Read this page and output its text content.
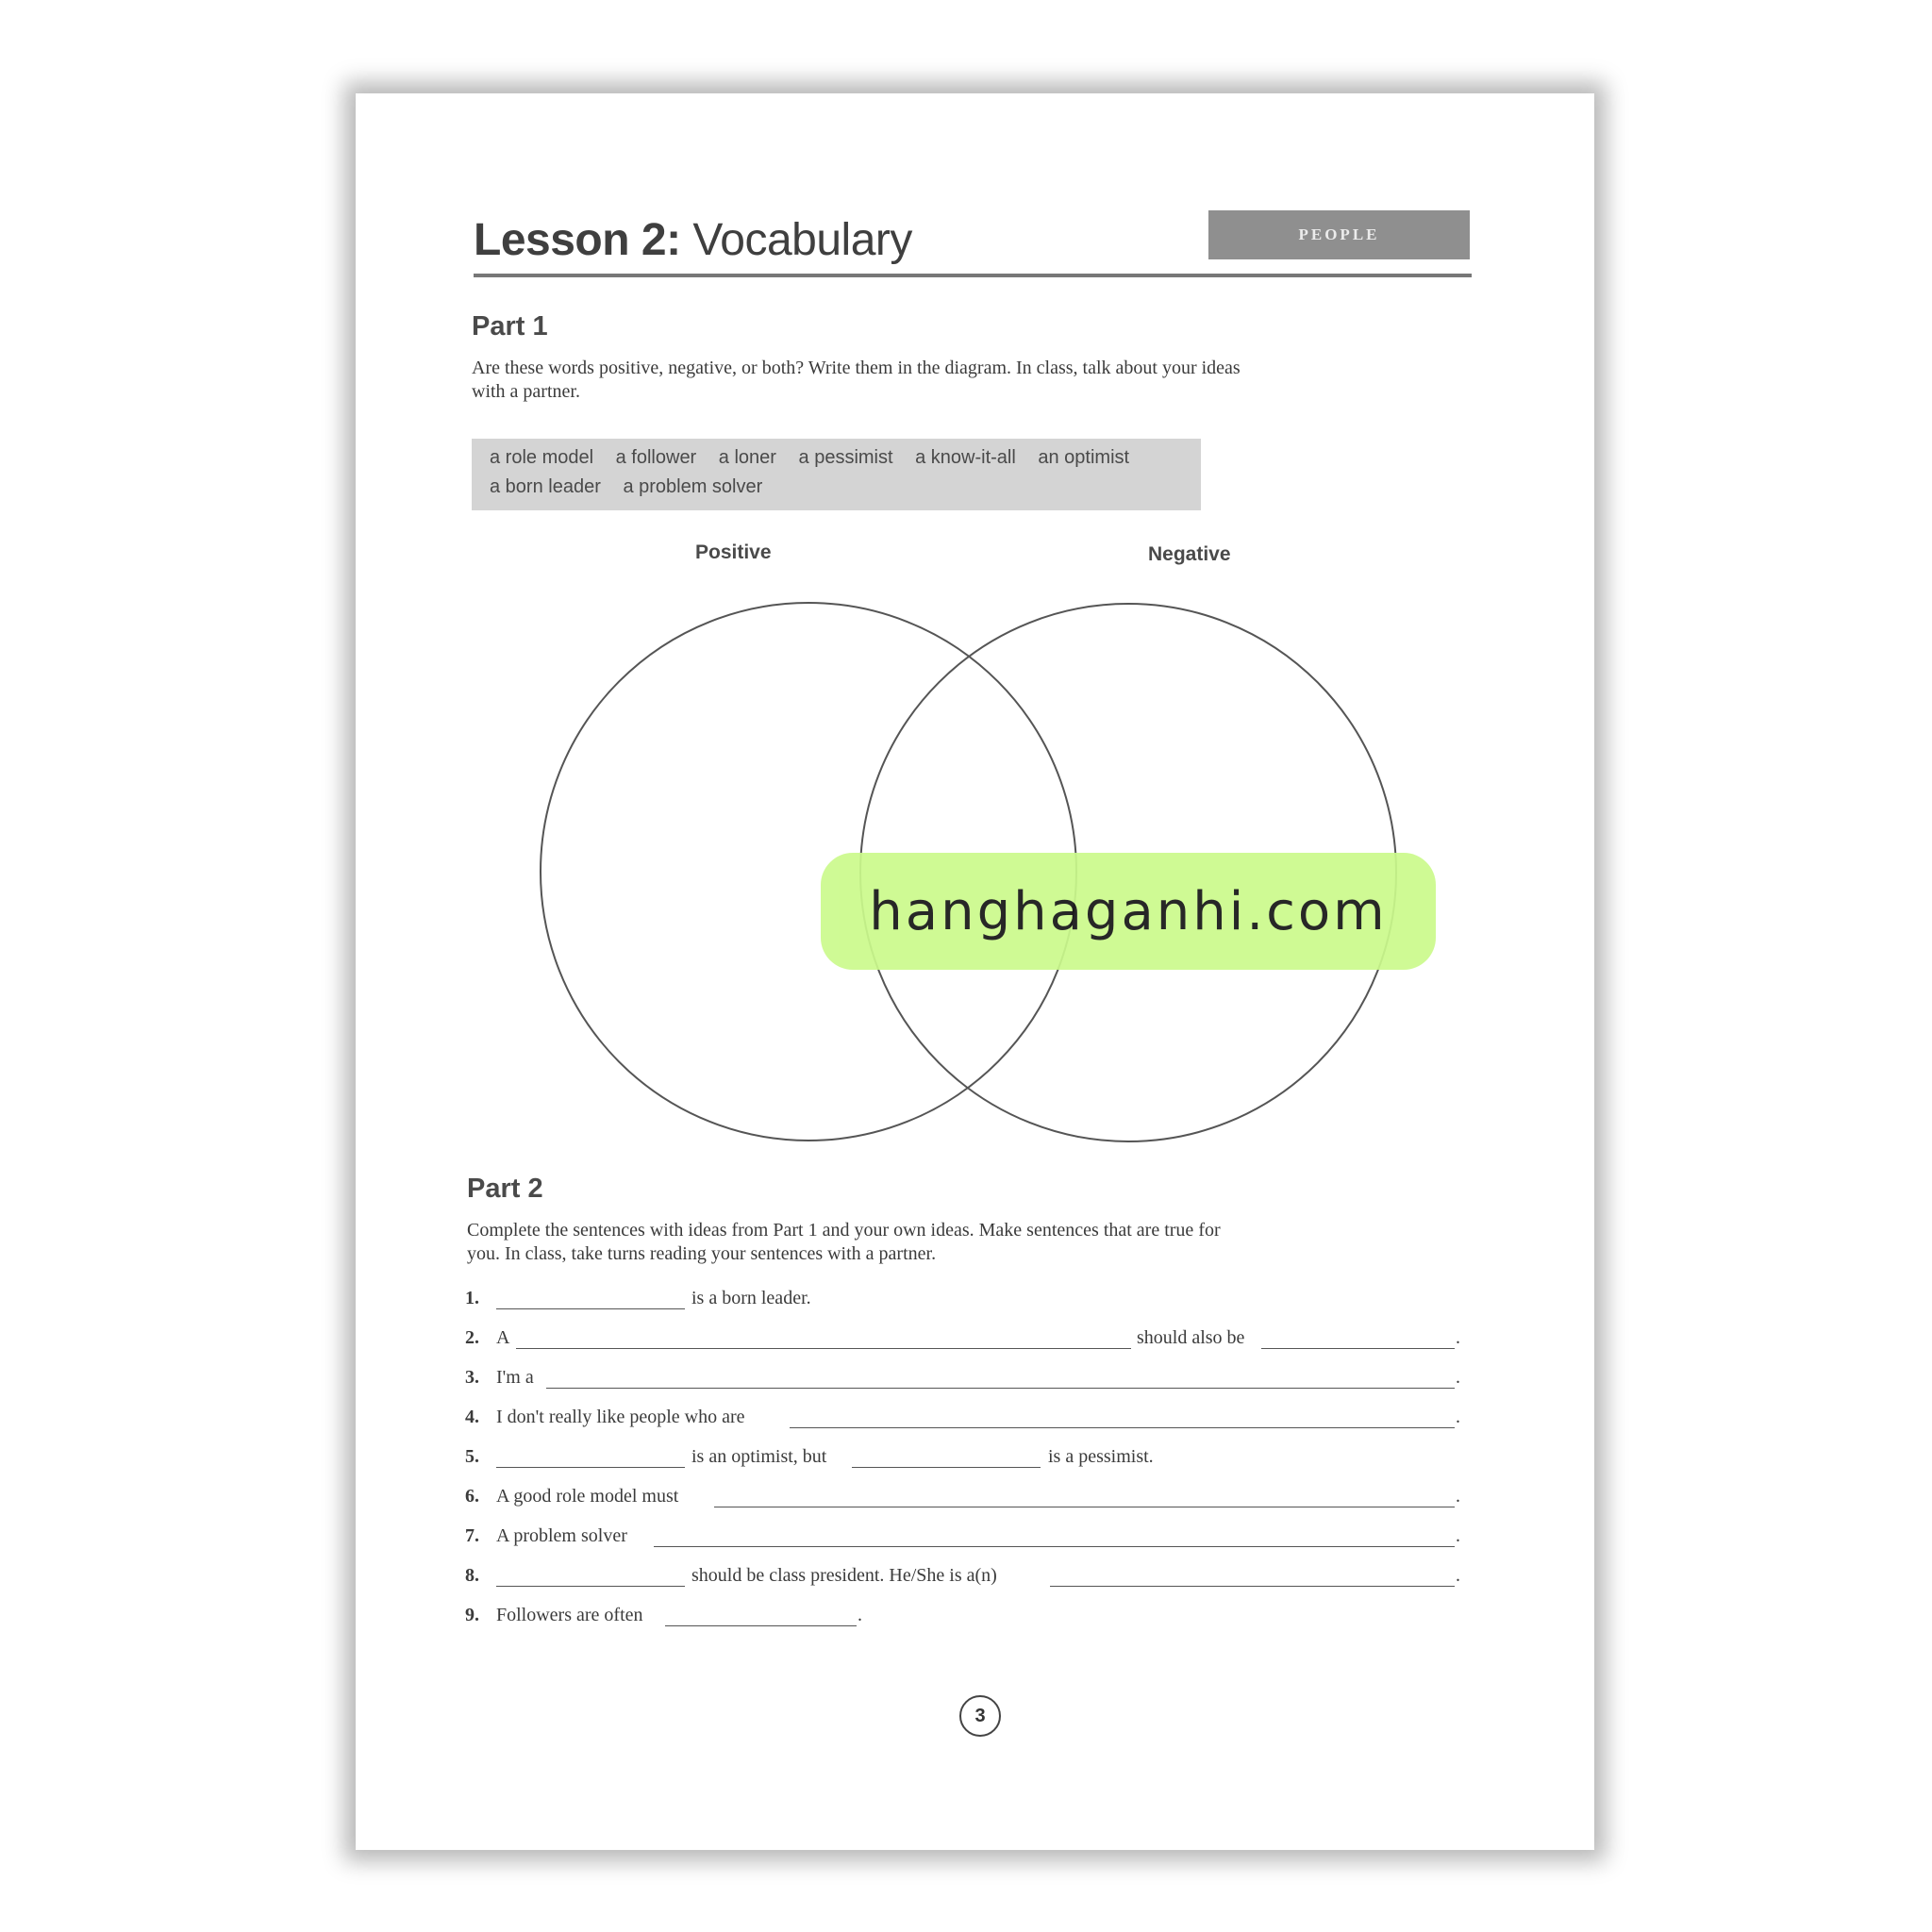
Lesson 2: Vocabulary	PEOPLE
Part 1
Are these words positive, negative, or both? Write them in the diagram. In class, talk about your ideas
with a partner.
a role model a follower a loner a pessimist a know-it-all an optimist
a born leader a problem solver
Positive	Negative
hanghaganhi.com
Part 2
Complete the sentences with ideas from Part 1 and your own ideas. Make sentences that are true for
you. In class, take turns reading your sentences with a partner.
1.	is a born leader.
2. A	should also be	.
3. I'm a	.
4. I don't really like people who are	.
5.	is an optimist, but	is a pessimist.
6. A good role model must	.
7. A problem solver	.
8.	should be class president. He/She is a(n)	.
9. Followers are often	.
3
